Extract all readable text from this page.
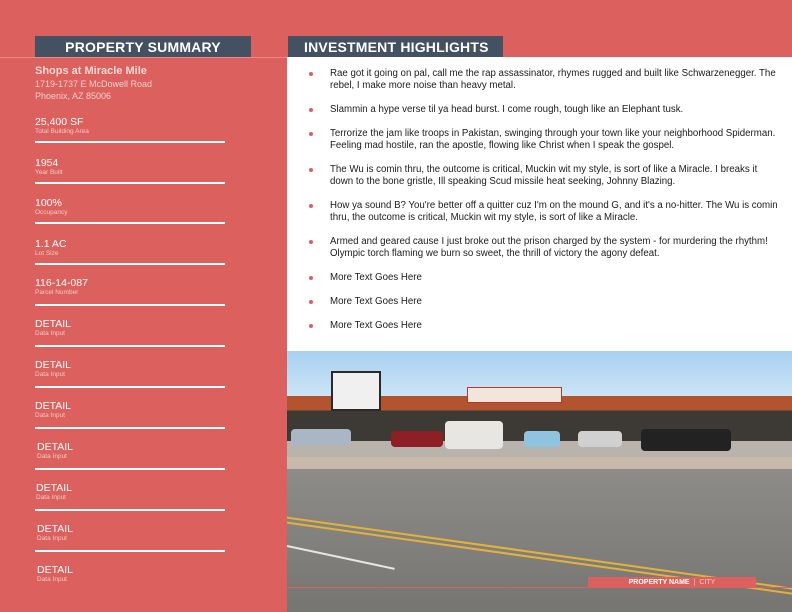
PROPERTY SUMMARY
Shops at Miracle Mile
1719-1737 E McDowell Road
Phoenix, AZ 85006
25,400 SF
Total Building Area
1954
Year Built
100%
Occupancy
1.1 AC
Lot Size
116-14-087
Parcel Number
DETAIL
Data Input
DETAIL
Data Input
DETAIL
Data Input
DETAIL
Data Input
DETAIL
Data Input
DETAIL
Data Input
DETAIL
Data Input
Rae got it going on pal, call me the rap assassinator, rhymes rugged and built like Schwarzenegger. The rebel, I make more noise than heavy metal.
Slammin a hype verse til ya head burst. I come rough, tough like an Elephant tusk.
Terrorize the jam like troops in Pakistan, swinging through your town like your neighborhood Spiderman. Feeling mad hostile, ran the apostle, flowing like Christ when I speak the gospel.
The Wu is comin thru, the outcome is critical, Muckin wit my style, is sort of like a Miracle. I breaks it down to the bone gristle, Ill speaking Scud missile heat seeking, Johnny Blazing.
How ya sound B? You're better off a quitter cuz I'm on the mound G, and it's a no-hitter. The Wu is comin thru, the outcome is critical, Muckin wit my style, is sort of like a Miracle.
Armed and geared cause I just broke out the prison charged by the system - for murdering the rhythm! Olympic torch flaming we burn so sweet, the thrill of victory the agony defeat.
More Text Goes Here
More Text Goes Here
More Text Goes Here
INVESTMENT HIGHLIGHTS
PROPERTY NAME | CITY
